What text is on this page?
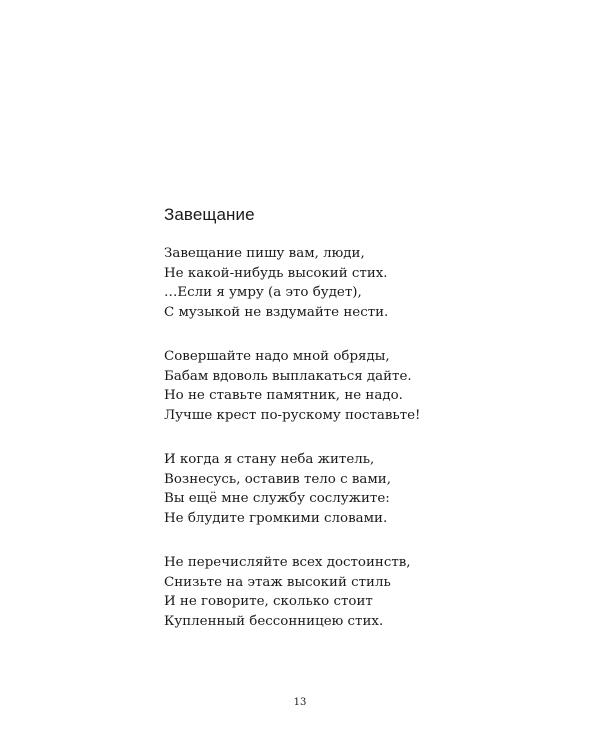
Завещание
Завещание пишу вам, люди,
Не какой-нибудь высокий стих.
…Если я умру (а это будет),
С музыкой не вздумайте нести.
Совершайте надо мной обряды,
Бабам вдоволь выплакаться дайте.
Но не ставьте памятник, не надо.
Лучше крест по-рускому поставьте!
И когда я стану неба житель,
Вознесусь, оставив тело с вами,
Вы ещё мне службу сослужите:
Не блудите громкими словами.
Не перечисляйте всех достоинств,
Снизьте на этаж высокий стиль
И не говорите, сколько стоит
Купленный бессонницею стих.
13
